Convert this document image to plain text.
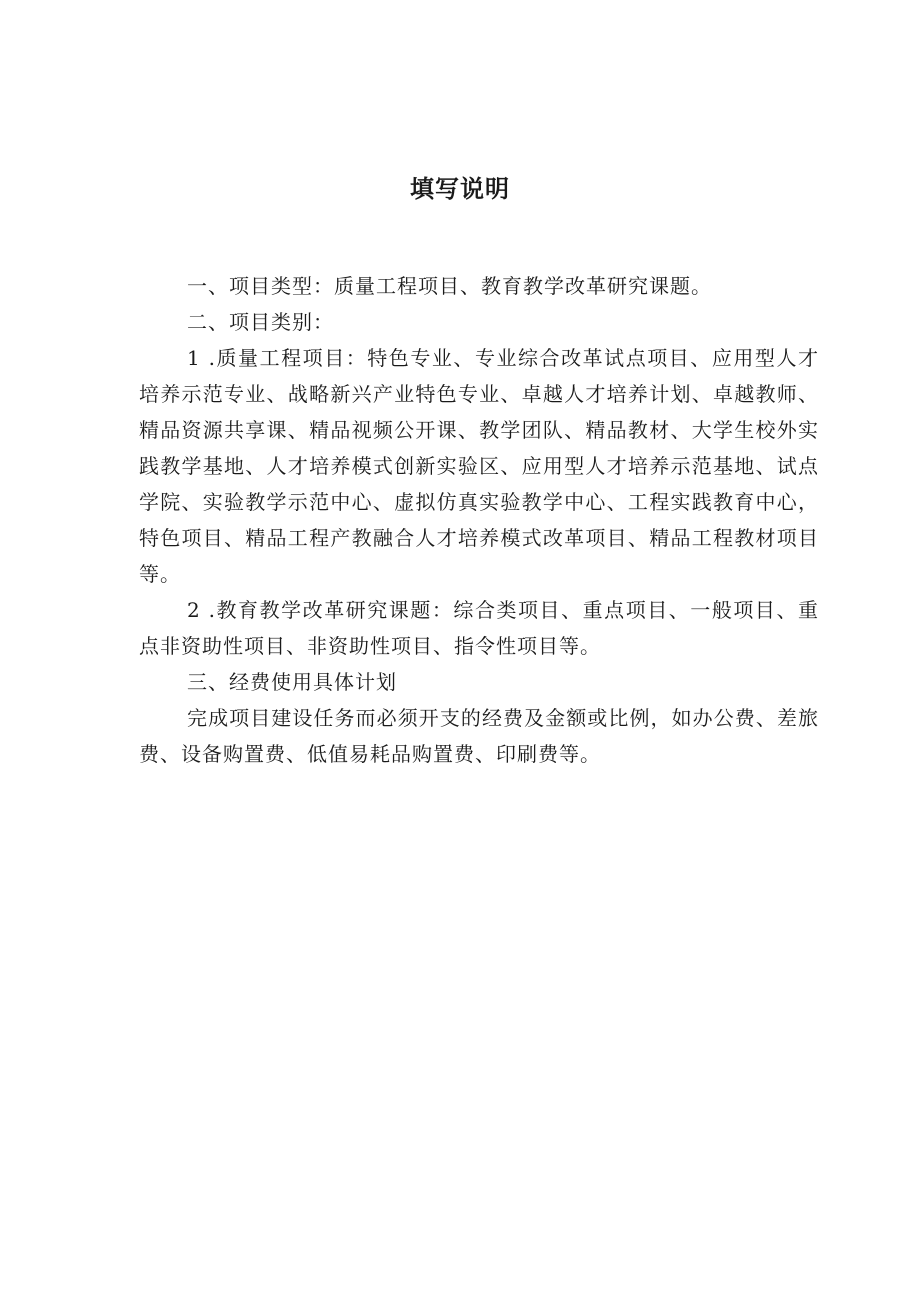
填写说明

一、项目类型：质量工程项目、教育教学改革研究课题。

二、项目类别：

1 .质量工程项目：特色专业、专业综合改革试点项目、应用型人才培养示范专业、战略新兴产业特色专业、卓越人才培养计划、卓越教师、精品资源共享课、精品视频公开课、教学团队、精品教材、大学生校外实践教学基地、人才培养模式创新实验区、应用型人才培养示范基地、试点学院、实验教学示范中心、虚拟仿真实验教学中心、工程实践教育中心，特色项目、精品工程产教融合人才培养模式改革项目、精品工程教材项目等。

2 .教育教学改革研究课题：综合类项目、重点项目、一般项目、重点非资助性项目、非资助性项目、指令性项目等。

三、经费使用具体计划

完成项目建设任务而必须开支的经费及金额或比例，如办公费、差旅费、设备购置费、低值易耗品购置费、印刷费等。
